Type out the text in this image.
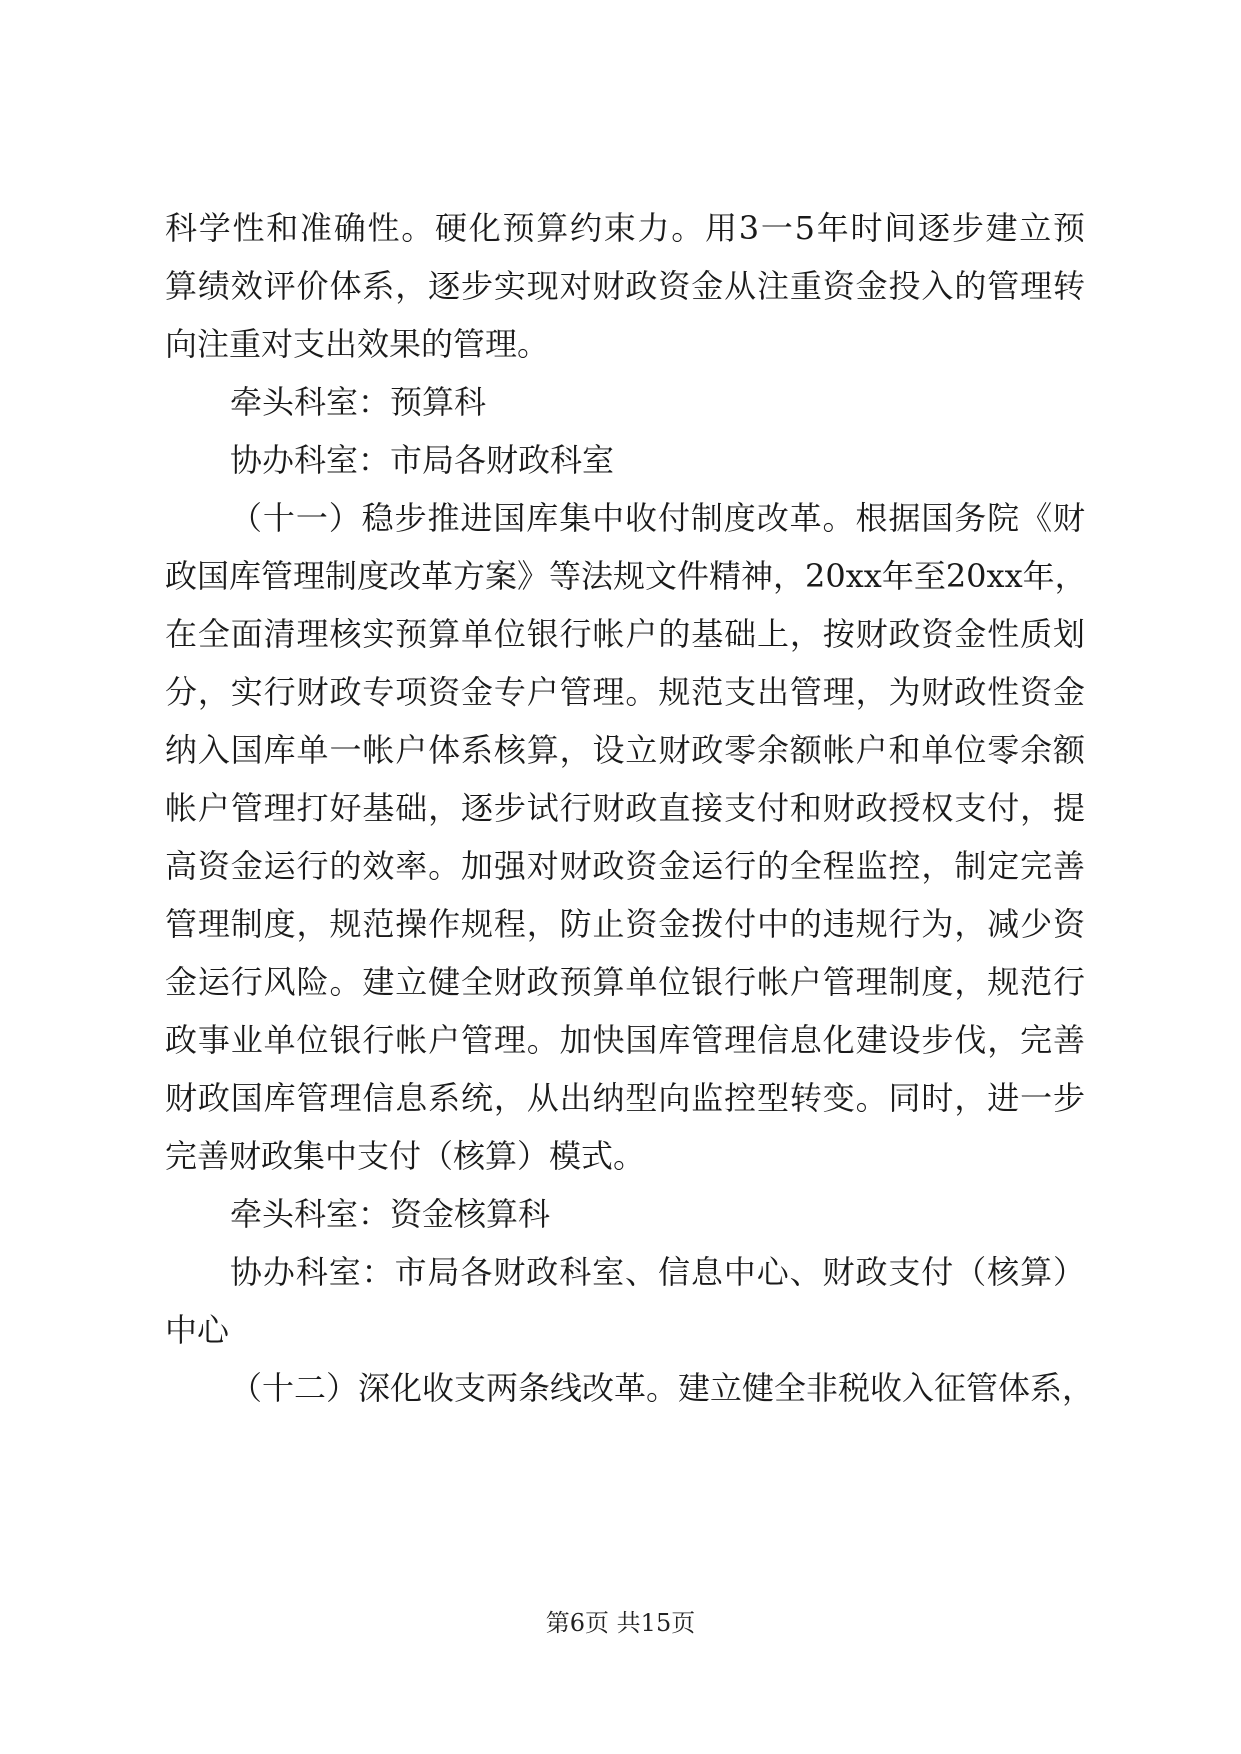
科学性和准确性。硬化预算约束力。用3一5年时间逐步建立预
算绩效评价体系，逐步实现对财政资金从注重资金投入的管理转
向注重对支出效果的管理。
牵头科室：预算科
协办科室：市局各财政科室
（十一）稳步推进国库集中收付制度改革。根据国务院《财
政国库管理制度改革方案》等法规文件精神，20xx年至20xx年，
在全面清理核实预算单位银行帐户的基础上，按财政资金性质划
分，实行财政专项资金专户管理。规范支出管理，为财政性资金
纳入国库单一帐户体系核算，设立财政零余额帐户和单位零余额
帐户管理打好基础，逐步试行财政直接支付和财政授权支付，提
高资金运行的效率。加强对财政资金运行的全程监控，制定完善
管理制度，规范操作规程，防止资金拨付中的违规行为，减少资
金运行风险。建立健全财政预算单位银行帐户管理制度，规范行
政事业单位银行帐户管理。加快国库管理信息化建设步伐，完善
财政国库管理信息系统，从出纳型向监控型转变。同时，进一步
完善财政集中支付（核算）模式。
牵头科室：资金核算科
协办科室：市局各财政科室、信息中心、财政支付（核算）
中心
（十二）深化收支两条线改革。建立健全非税收入征管体系，
第6页 共15页
